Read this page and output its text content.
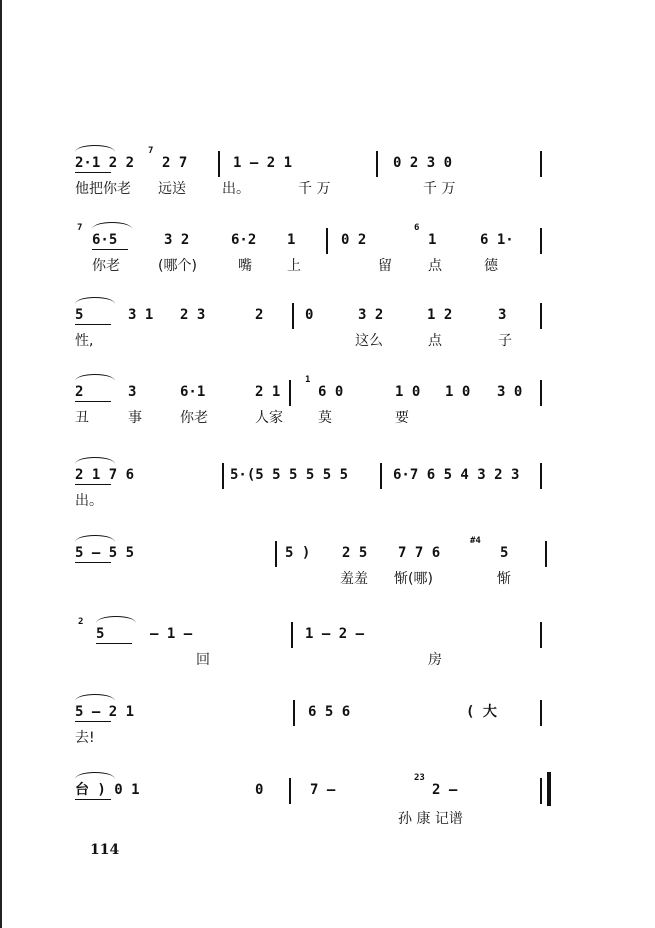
2·1 2 2 2 7
7
1 — 2 1	0 2 3 0
他把你老 远送	出。	千 万	千 万
6·5
7
3 2	6·2 1	0 2	1
6
6 1·
你老	(哪个)	嘴	上	留	点	德
5	3 1 2 3	2	0	3 2	1 2	3
性,	这么	点	子
2	3	6·1	2 1	6 0
1
1 0 1 0 3 0
丑	事	你老	人家	莫	要
2 1 7 6	5·(5 5 5 5 5 5	6·7 6 5 4 3 2 3
出。
5 — 5 5	5 ) 2 5 7 7 6	5
#4
羞羞 惭(哪)	惭
5
2
— 1 —	1 — 2 —
回	房
5 — 2 1	6 5 6	( 大
去!
台 ) 0 1	0	7 —	2 —
23
孙 康 记谱
114
